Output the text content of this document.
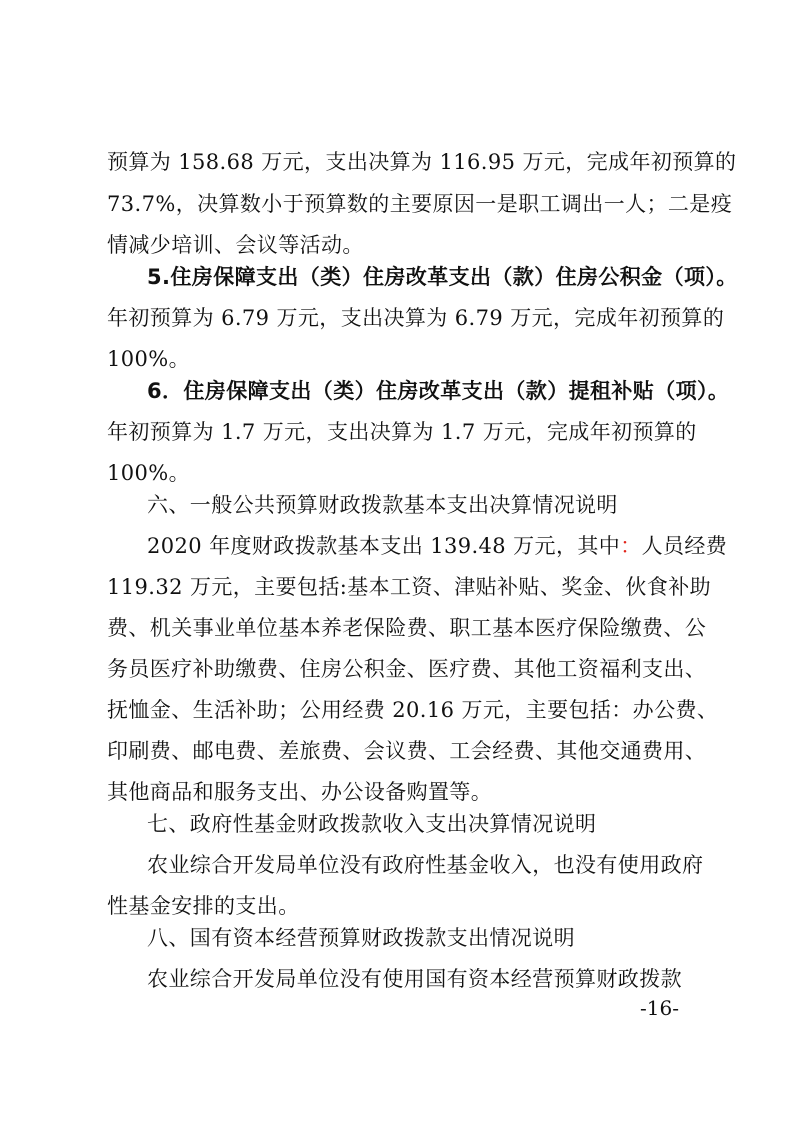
预算为 158.68 万元，支出决算为 116.95 万元，完成年初预算的
73.7%，决算数小于预算数的主要原因一是职工调出一人；二是疫
情减少培训、会议等活动。
5.住房保障支出（类）住房改革支出（款）住房公积金（项）。
年初预算为 6.79 万元，支出决算为 6.79 万元，完成年初预算的
100%。
6．住房保障支出（类）住房改革支出（款）提租补贴（项）。
年初预算为 1.7 万元，支出决算为 1.7 万元，完成年初预算的
100%。
六、一般公共预算财政拨款基本支出决算情况说明
2020 年度财政拨款基本支出 139.48 万元，其中：人员经费
119.32 万元，主要包括:基本工资、津贴补贴、奖金、伙食补助
费、机关事业单位基本养老保险费、职工基本医疗保险缴费、公
务员医疗补助缴费、住房公积金、医疗费、其他工资福利支出、
抚恤金、生活补助；公用经费 20.16 万元，主要包括：办公费、
印刷费、邮电费、差旅费、会议费、工会经费、其他交通费用、
其他商品和服务支出、办公设备购置等。
七、政府性基金财政拨款收入支出决算情况说明
农业综合开发局单位没有政府性基金收入，也没有使用政府
性基金安排的支出。
八、国有资本经营预算财政拨款支出情况说明
农业综合开发局单位没有使用国有资本经营预算财政拨款
-16-
